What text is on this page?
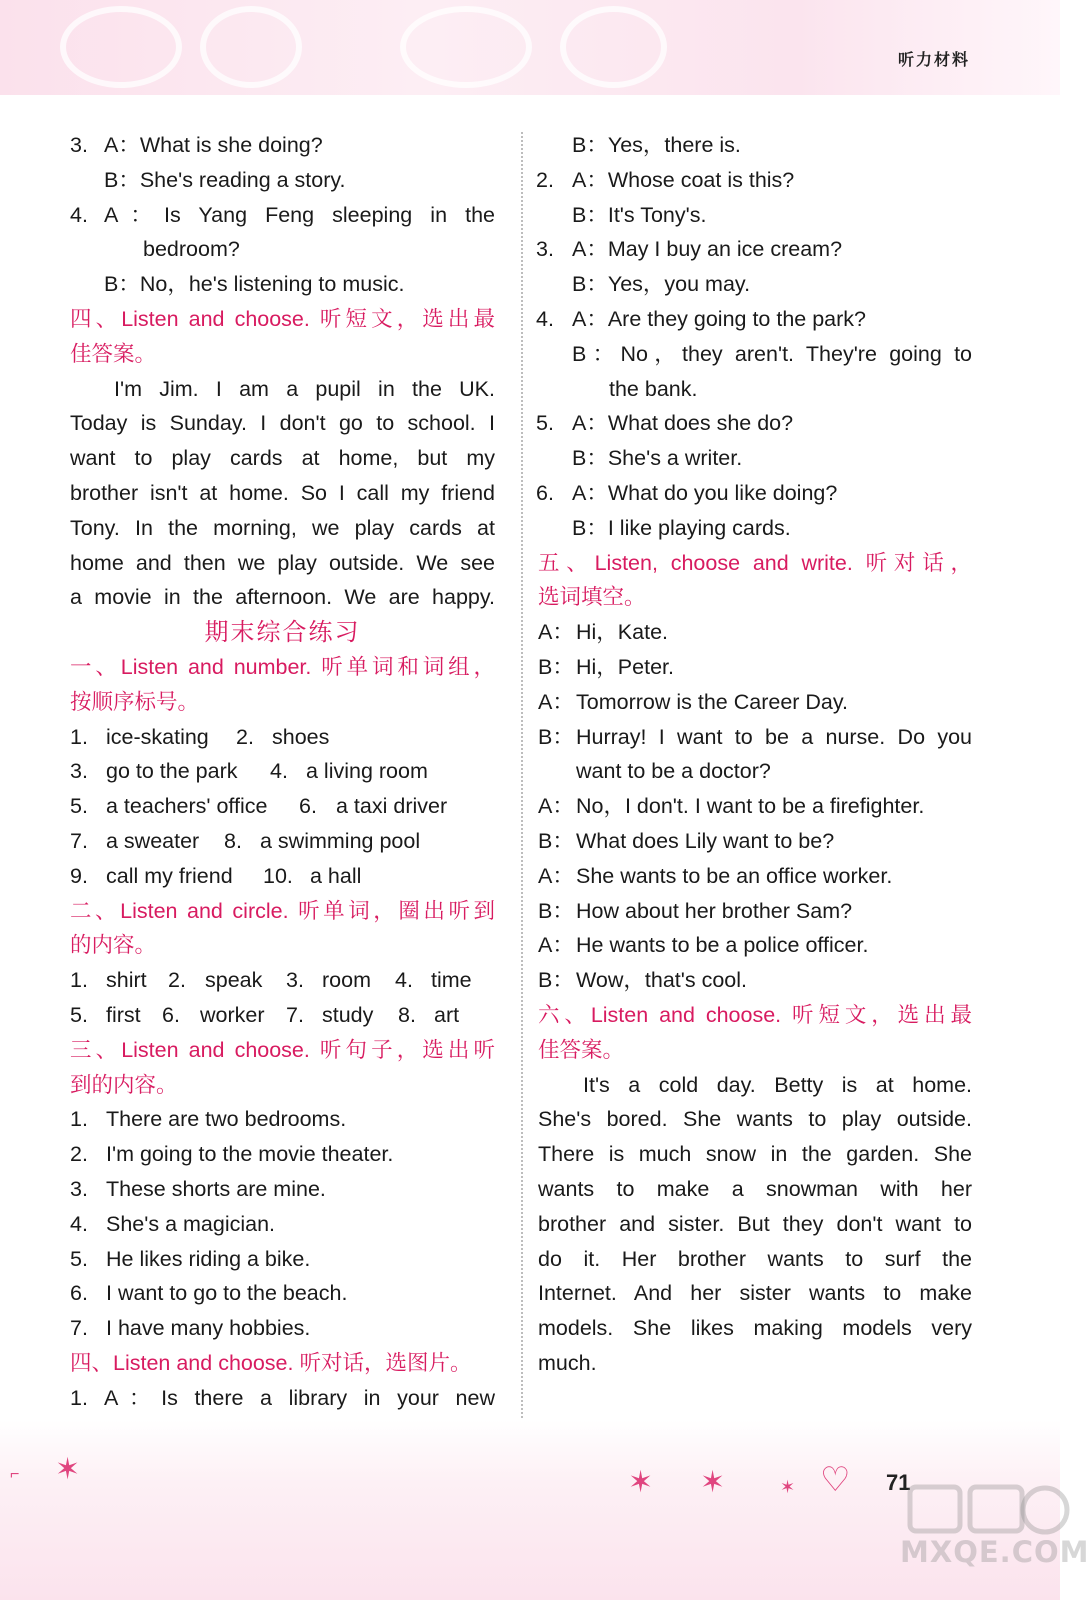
听力材料
3. A：What is she doing?
B：She's reading a story.
4. A：Is Yang Feng sleeping in the
bedroom?
B：No，he's listening to music.
四、Listen and choose. 听短文，选出最
佳答案。
I'm Jim. I am a pupil in the UK.
Today is Sunday. I don't go to school. I
want to play cards at home, but my
brother isn't at home. So I call my friend
Tony. In the morning, we play cards at
home and then we play outside. We see
a movie in the afternoon. We are happy.
期末综合练习
一、Listen and number. 听单词和词组，
按顺序标号。
1. ice-skating 2. shoes
3. go to the park 4. a living room
5. a teachers' office 6. a taxi driver
7. a sweater 8. a swimming pool
9. call my friend 10. a hall
二、Listen and circle. 听单词，圈出听到
的内容。
1. shirt 2. speak 3. room 4. time
5. first 6. worker 7. study 8. art
三、Listen and choose. 听句子，选出听
到的内容。
1. There are two bedrooms.
2. I'm going to the movie theater.
3. These shorts are mine.
4. She's a magician.
5. He likes riding a bike.
6. I want to go to the beach.
7. I have many hobbies.
四、Listen and choose. 听对话，选图片。
1. A：Is there a library in your new
B：Yes，there is.
2. A：Whose coat is this?
B：It's Tony's.
3. A：May I buy an ice cream?
B：Yes，you may.
4. A：Are they going to the park?
B：No，they aren't. They're going to
the bank.
5. A：What does she do?
B：She's a writer.
6. A：What do you like doing?
B：I like playing cards.
五、Listen, choose and write. 听对话，
选词填空。
A： Hi，Kate.
B： Hi，Peter.
A： Tomorrow is the Career Day.
B： Hurray! I want to be a nurse. Do you
want to be a doctor?
A： No，I don't. I want to be a firefighter.
B： What does Lily want to be?
A： She wants to be an office worker.
B： How about her brother Sam?
A： He wants to be a police officer.
B： Wow，that's cool.
六、Listen and choose. 听短文，选出最
佳答案。
It's a cold day. Betty is at home.
She's bored. She wants to play outside.
There is much snow in the garden. She
wants to make a snowman with her
brother and sister. But they don't want to
do it. Her brother wants to surf the
Internet. And her sister wants to make
models. She likes making models very
much.
⌐ ✶	✶ ✶	✶ ♡ 71
MXQE.COM
